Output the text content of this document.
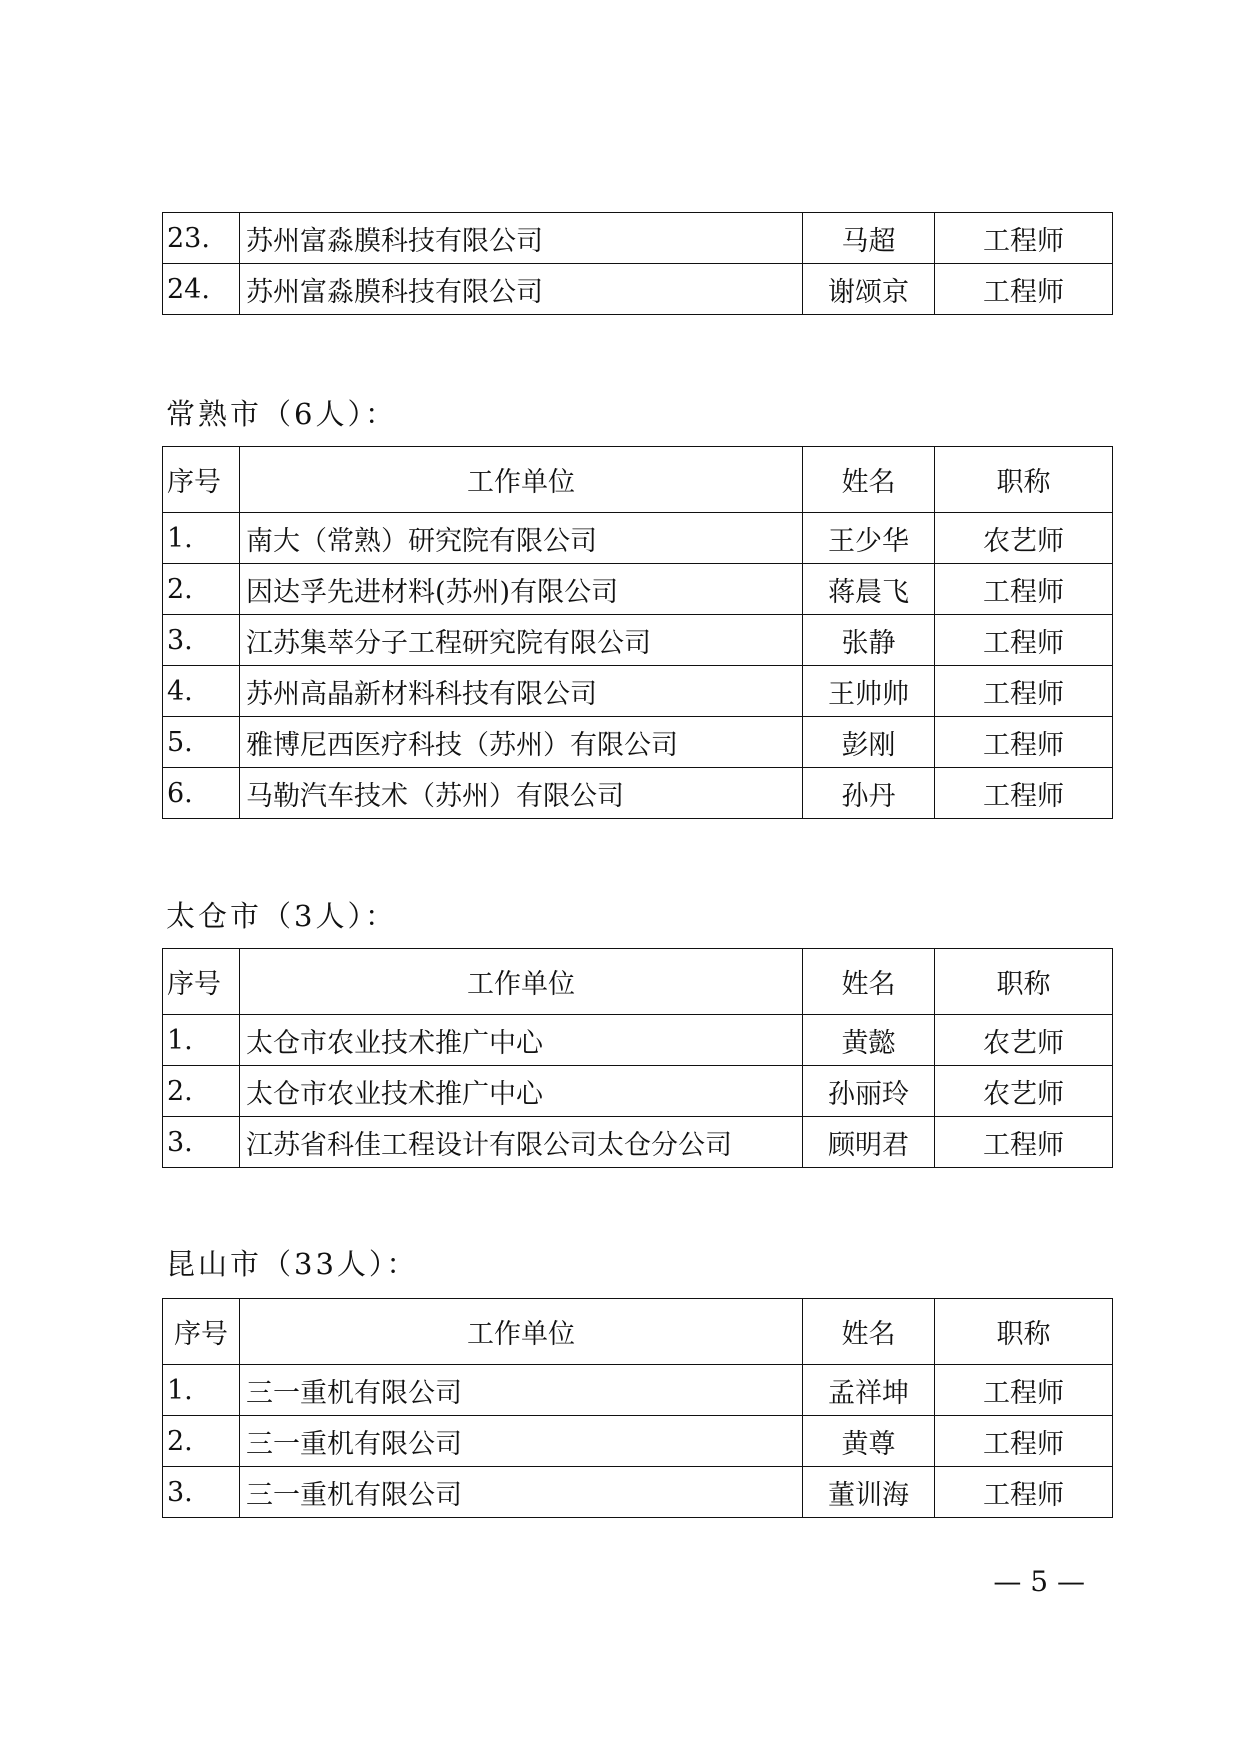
23.	苏州富淼膜科技有限公司	马超	工程师
24.	苏州富淼膜科技有限公司	谢颂京	工程师
常熟市（6人）：
序号	工作单位	姓名	职称
1.	南大（常熟）研究院有限公司	王少华	农艺师
2.	因达孚先进材料(苏州)有限公司	蒋晨飞	工程师
3.	江苏集萃分子工程研究院有限公司	张静	工程师
4.	苏州高晶新材料科技有限公司	王帅帅	工程师
5.	雅博尼西医疗科技（苏州）有限公司	彭刚	工程师
6.	马勒汽车技术（苏州）有限公司	孙丹	工程师
太仓市（3人）：
序号	工作单位	姓名	职称
1.	太仓市农业技术推广中心	黄懿	农艺师
2.	太仓市农业技术推广中心	孙丽玲	农艺师
3.	江苏省科佳工程设计有限公司太仓分公司	顾明君	工程师
昆山市（33人）：
序号	工作单位	姓名	职称
1.	三一重机有限公司	孟祥坤	工程师
2.	三一重机有限公司	黄尊	工程师
3.	三一重机有限公司	董训海	工程师
— 5 —
